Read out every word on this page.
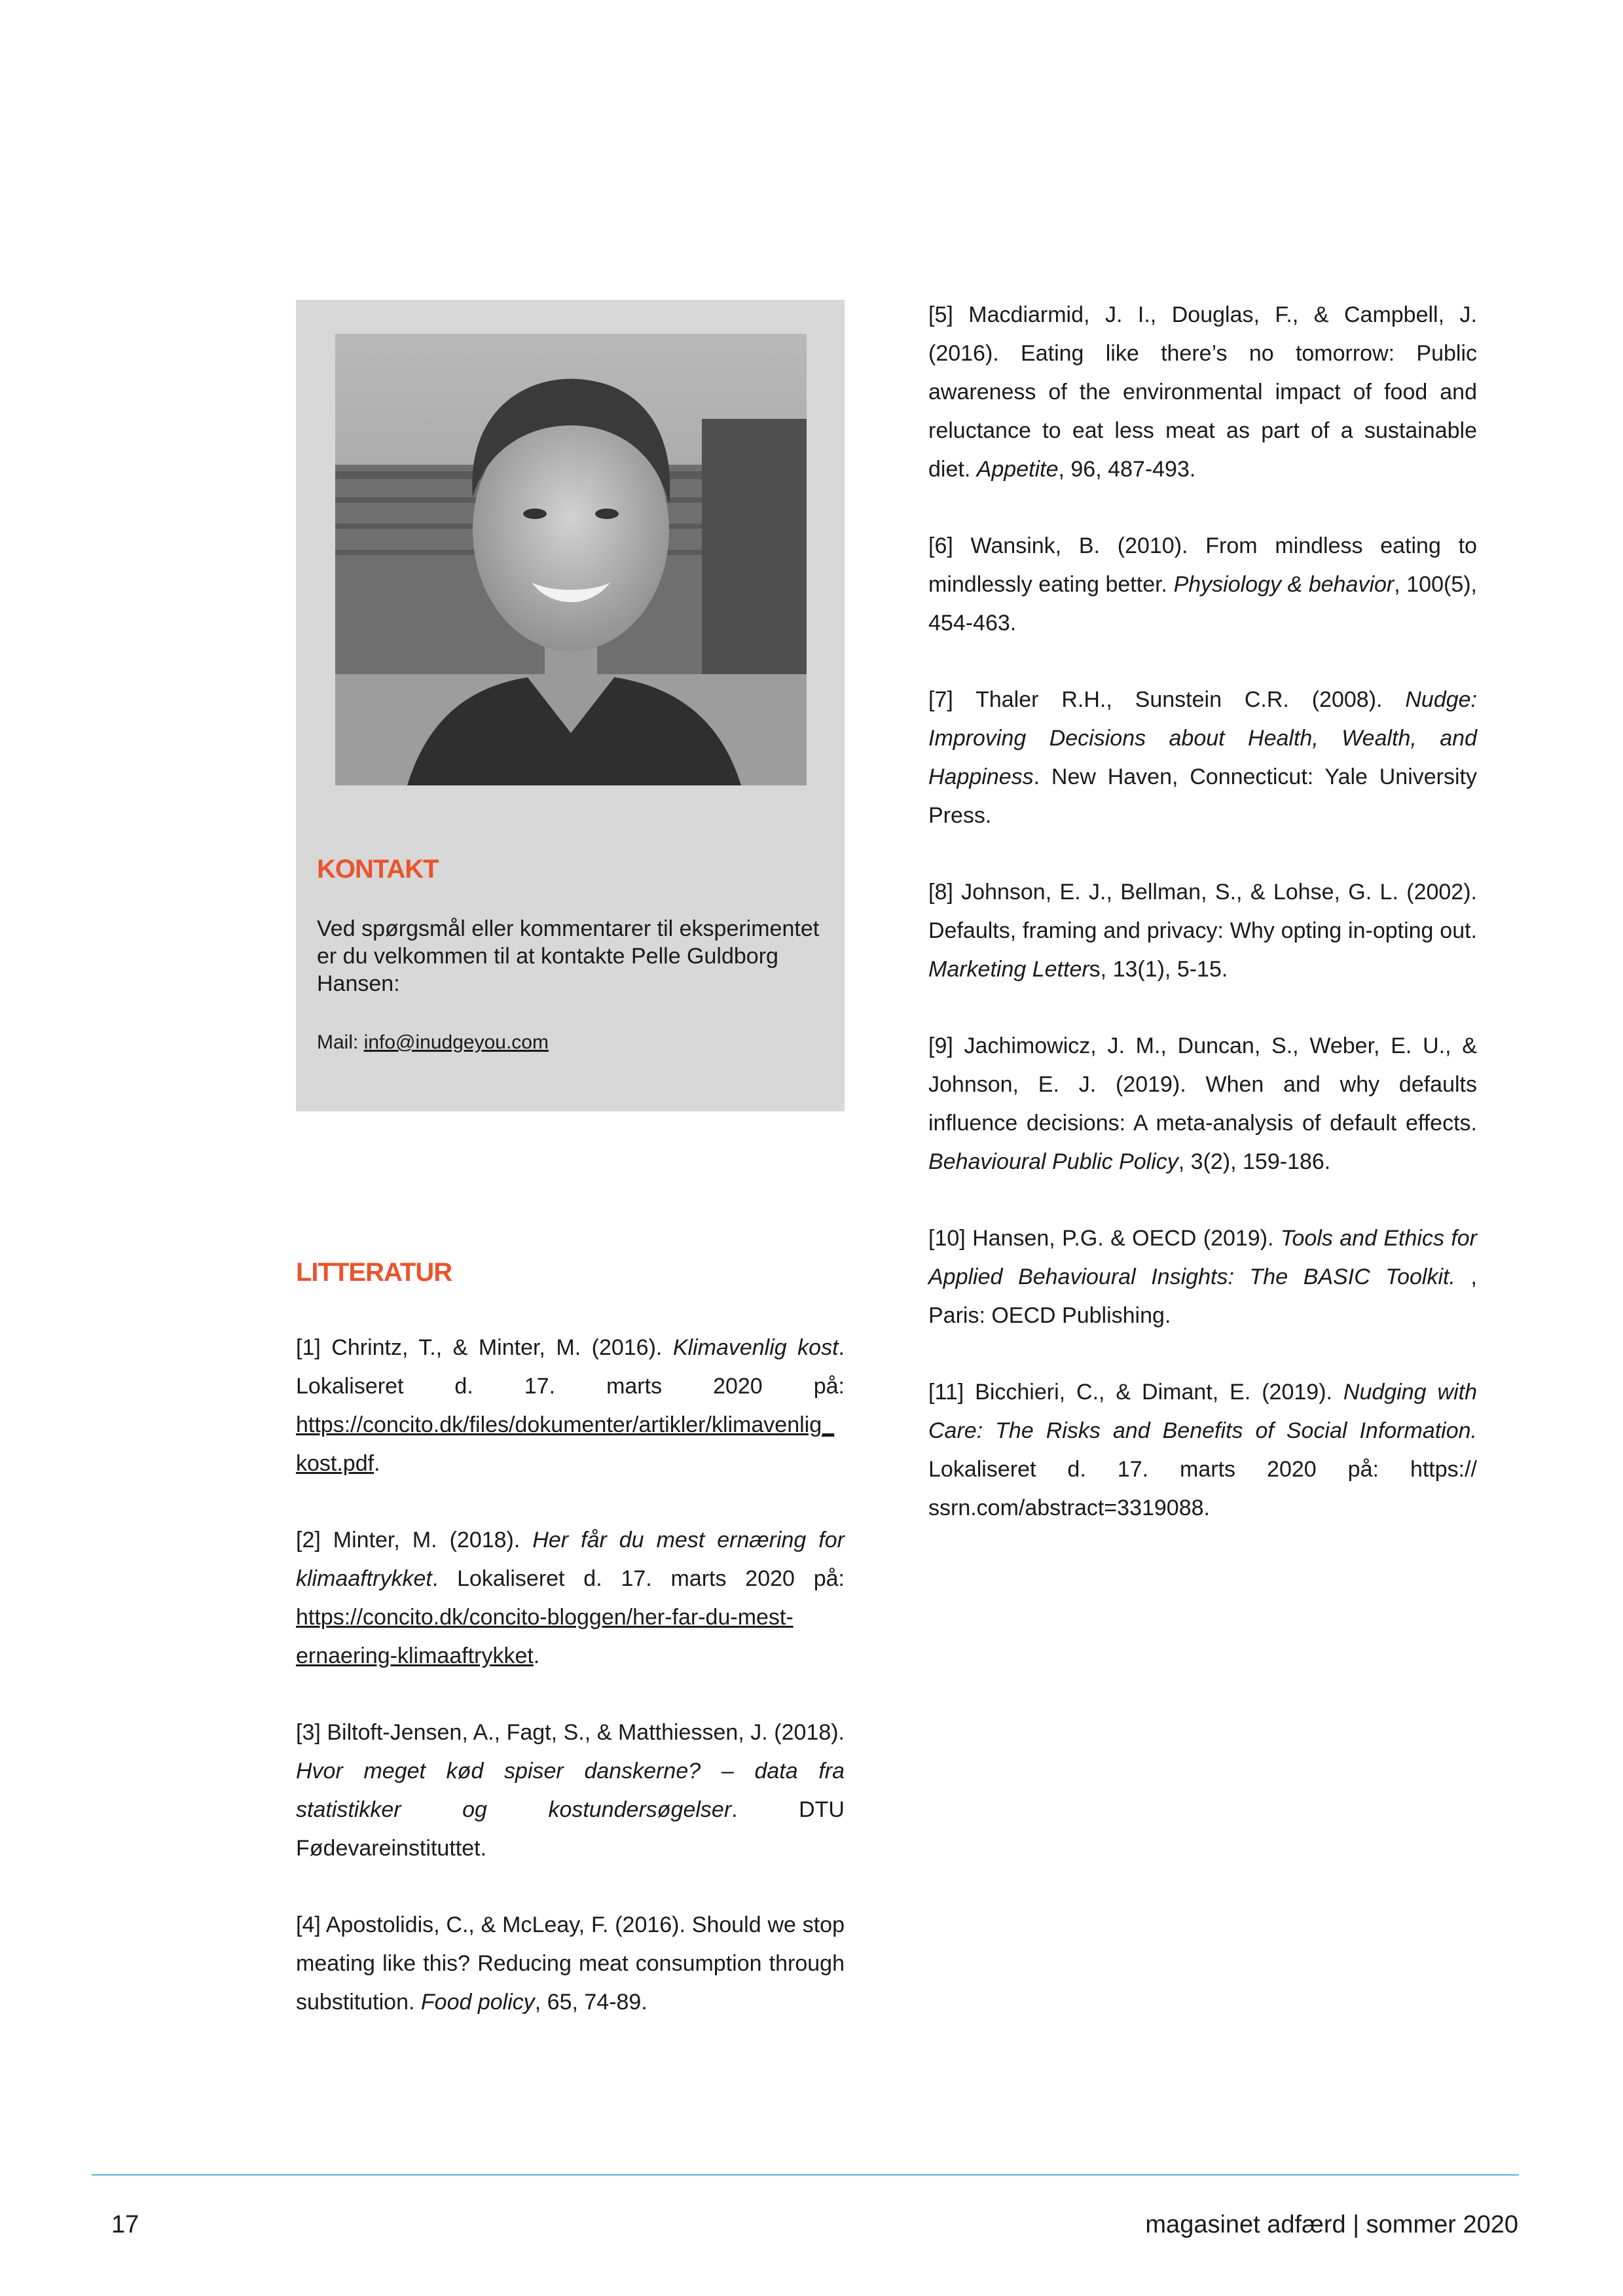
KONTAKT

Ved spørgsmål eller kommentarer til eksperimentet er du velkommen til at kontakte Pelle Guldborg Hansen:

Mail: info@inudgeyou.com

LITTERATUR

[1] Chrintz, T., & Minter, M. (2016). Klimavenlig kost. Lokaliseret d. 17. marts 2020 på: https://concito.dk/files/dokumenter/artikler/klimavenlig_kost.pdf.

[2] Minter, M. (2018). Her får du mest ernæring for klimaaftrykket. Lokaliseret d. 17. marts 2020 på: https://concito.dk/concito-bloggen/her-far-du-mest-ernaering-klimaaftrykket.

[3] Biltoft-Jensen, A., Fagt, S., & Matthiessen, J. (2018). Hvor meget kød spiser danskerne? – data fra statistikker og kostundersøgelser. DTU Fødevareinstituttet.

[4] Apostolidis, C., & McLeay, F. (2016). Should we stop meating like this? Reducing meat consumption through substitution. Food policy, 65, 74-89.

[5] Macdiarmid, J. I., Douglas, F., & Campbell, J. (2016). Eating like there’s no tomorrow: Public awareness of the environmental impact of food and reluctance to eat less meat as part of a sustainable diet. Appetite, 96, 487-493.

[6] Wansink, B. (2010). From mindless eating to mindlessly eating better. Physiology & behavior, 100(5), 454-463.

[7] Thaler R.H., Sunstein C.R. (2008). Nudge: Improving Decisions about Health, Wealth, and Happiness. New Haven, Connecticut: Yale University Press.

[8] Johnson, E. J., Bellman, S., & Lohse, G. L. (2002). Defaults, framing and privacy: Why opting in-opting out. Marketing Letters, 13(1), 5-15.

[9] Jachimowicz, J. M., Duncan, S., Weber, E. U., & Johnson, E. J. (2019). When and why defaults influence decisions: A meta-analysis of default effects. Behavioural Public Policy, 3(2), 159-186.

[10] Hansen, P.G. & OECD (2019). Tools and Ethics for Applied Behavioural Insights: The BASIC Toolkit. , Paris: OECD Publishing.

[11] Bicchieri, C., & Dimant, E. (2019). Nudging with Care: The Risks and Benefits of Social Information. Lokaliseret d. 17. marts 2020 på: https:// ssrn.com/abstract=3319088.

17	magasinet adfærd | sommer 2020
